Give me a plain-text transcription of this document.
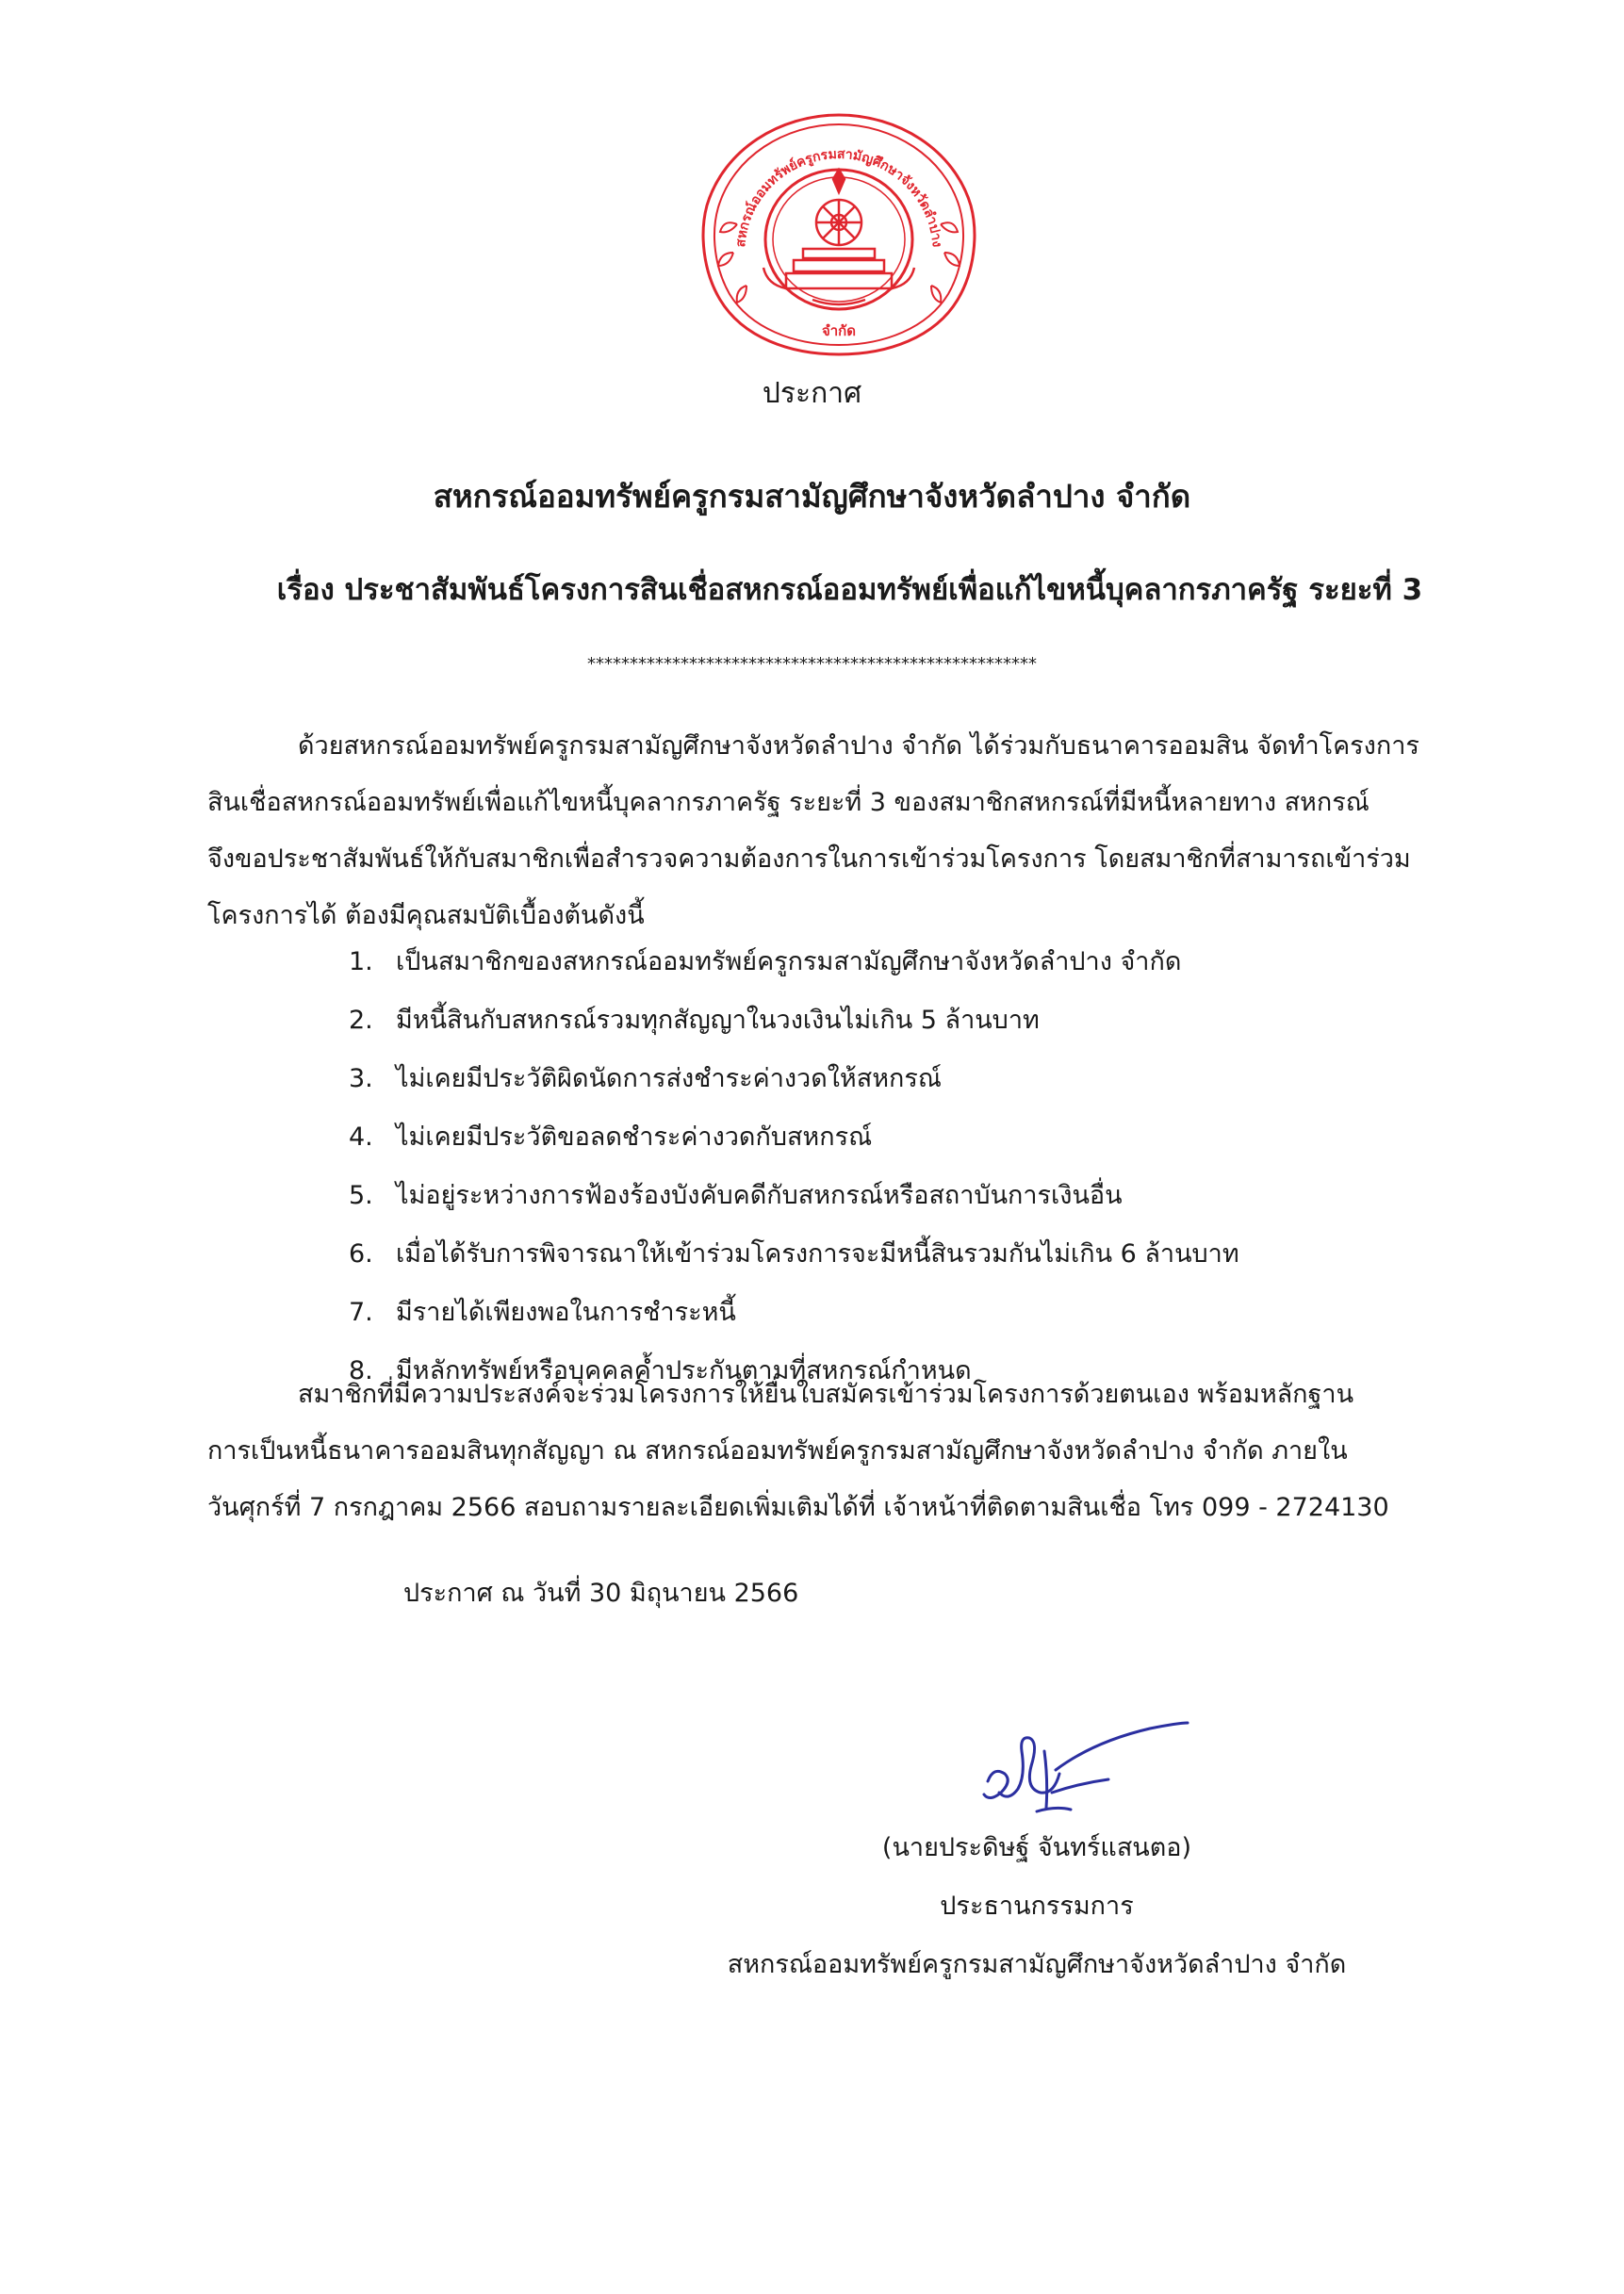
สหกรณ์ออมทรัพย์ครูกรมสามัญศึกษาจังหวัดลำปาง
จำกัด
ประกาศ
สหกรณ์ออมทรัพย์ครูกรมสามัญศึกษาจังหวัดลำปาง จำกัด
เรื่อง ประชาสัมพันธ์โครงการสินเชื่อสหกรณ์ออมทรัพย์เพื่อแก้ไขหนี้บุคลากรภาครัฐ ระยะที่ 3
*****************************************************
ด้วยสหกรณ์ออมทรัพย์ครูกรมสามัญศึกษาจังหวัดลำปาง จำกัด ได้ร่วมกับธนาคารออมสิน จัดทำโครงการ
สินเชื่อสหกรณ์ออมทรัพย์เพื่อแก้ไขหนี้บุคลากรภาครัฐ ระยะที่ 3 ของสมาชิกสหกรณ์ที่มีหนี้หลายทาง สหกรณ์
จึงขอประชาสัมพันธ์ให้กับสมาชิกเพื่อสำรวจความต้องการในการเข้าร่วมโครงการ โดยสมาชิกที่สามารถเข้าร่วม
โครงการได้ ต้องมีคุณสมบัติเบื้องต้นดังนี้
1. เป็นสมาชิกของสหกรณ์ออมทรัพย์ครูกรมสามัญศึกษาจังหวัดลำปาง จำกัด
2. มีหนี้สินกับสหกรณ์รวมทุกสัญญาในวงเงินไม่เกิน 5 ล้านบาท
3. ไม่เคยมีประวัติผิดนัดการส่งชำระค่างวดให้สหกรณ์
4. ไม่เคยมีประวัติขอลดชำระค่างวดกับสหกรณ์
5. ไม่อยู่ระหว่างการฟ้องร้องบังคับคดีกับสหกรณ์หรือสถาบันการเงินอื่น
6. เมื่อได้รับการพิจารณาให้เข้าร่วมโครงการจะมีหนี้สินรวมกันไม่เกิน 6 ล้านบาท
7. มีรายได้เพียงพอในการชำระหนี้
8. มีหลักทรัพย์หรือบุคคลค้ำประกันตามที่สหกรณ์กำหนด
สมาชิกที่มีความประสงค์จะร่วมโครงการให้ยื่นใบสมัครเข้าร่วมโครงการด้วยตนเอง พร้อมหลักฐาน
การเป็นหนี้ธนาคารออมสินทุกสัญญา ณ สหกรณ์ออมทรัพย์ครูกรมสามัญศึกษาจังหวัดลำปาง จำกัด ภายใน
วันศุกร์ที่ 7 กรกฎาคม 2566 สอบถามรายละเอียดเพิ่มเติมได้ที่ เจ้าหน้าที่ติดตามสินเชื่อ โทร 099 - 2724130
ประกาศ ณ วันที่ 30 มิถุนายน 2566
(นายประดิษฐ์ จันทร์แสนตอ)
ประธานกรรมการ
สหกรณ์ออมทรัพย์ครูกรมสามัญศึกษาจังหวัดลำปาง จำกัด
